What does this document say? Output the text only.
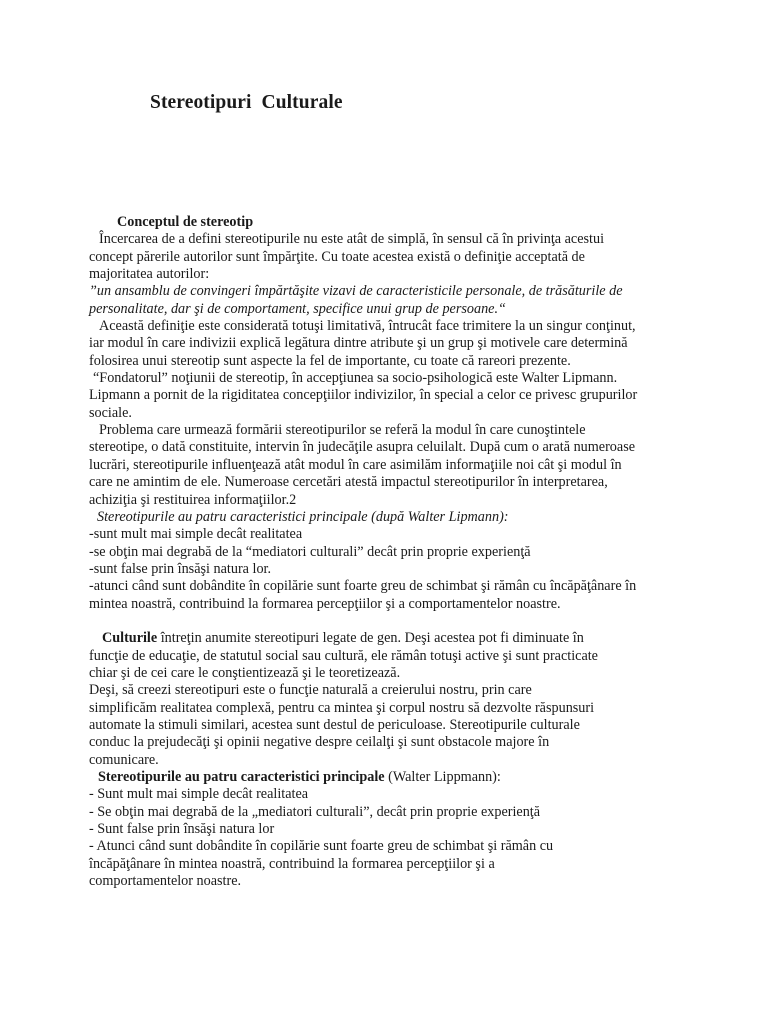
Stereotipuri  Culturale
Conceptul de stereotip
Încercarea de a defini stereotipurile nu este atât de simplă, în sensul că în privinţa acestui
concept părerile autorilor sunt împărţite. Cu toate acestea există o definiţie acceptată de
majoritatea autorilor:
”un ansamblu de convingeri împărtăşite vizavi de caracteristicile personale, de trăsăturile de
personalitate, dar şi de comportament, specifice unui grup de persoane.“
Această definiţie este considerată totuşi limitativă, întrucât face trimitere la un singur conţinut,
iar modul în care indivizii explică legătura dintre atribute şi un grup şi motivele care determină
folosirea unui stereotip sunt aspecte la fel de importante, cu toate că rareori prezente.
“Fondatorul” noţiunii de stereotip, în accepţiunea sa socio-psihologică este Walter Lipmann.
Lipmann a pornit de la rigiditatea concepţiilor indivizilor, în special a celor ce privesc grupurilor
sociale.
Problema care urmează formării stereotipurilor se referă la modul în care cunoştintele
stereotipe, o dată constituite, intervin în judecăţile asupra celuilalt. După cum o arată numeroase
lucrări, stereotipurile influenţează atât modul în care asimilăm informaţiile noi cât şi modul în
care ne amintim de ele. Numeroase cercetări atestă impactul stereotipurilor în interpretarea,
achiziţia şi restituirea informaţiilor.2
Stereotipurile au patru caracteristici principale (după Walter Lipmann):
-sunt mult mai simple decât realitatea
-se obţin mai degrabă de la “mediatori culturali” decât prin proprie experienţă
-sunt false prin însăşi natura lor.
-atunci când sunt dobândite în copilărie sunt foarte greu de schimbat şi rămân cu încăpăţânare în
mintea noastră, contribuind la formarea percepţiilor şi a comportamentelor noastre.
Culturile întreţin anumite stereotipuri legate de gen. Deşi acestea pot fi diminuate în
funcţie de educaţie, de statutul social sau cultură, ele rămân totuşi active şi sunt practicate
chiar şi de cei care le conştientizează şi le teoretizează.
Deşi, să creezi stereotipuri este o funcţie naturală a creierului nostru, prin care
simplificăm realitatea complexă, pentru ca mintea şi corpul nostru să dezvolte răspunsuri
automate la stimuli similari, acestea sunt destul de periculoase. Stereotipurile culturale
conduc la prejudecăţi şi opinii negative despre ceilalţi şi sunt obstacole majore în
comunicare.
Stereotipurile au patru caracteristici principale (Walter Lippmann):
- Sunt mult mai simple decât realitatea
- Se obţin mai degrabă de la „mediatori culturali”, decât prin proprie experienţă
- Sunt false prin însăşi natura lor
- Atunci când sunt dobândite în copilărie sunt foarte greu de schimbat şi rămân cu
încăpăţânare în mintea noastră, contribuind la formarea percepţiilor şi a
comportamentelor noastre.
